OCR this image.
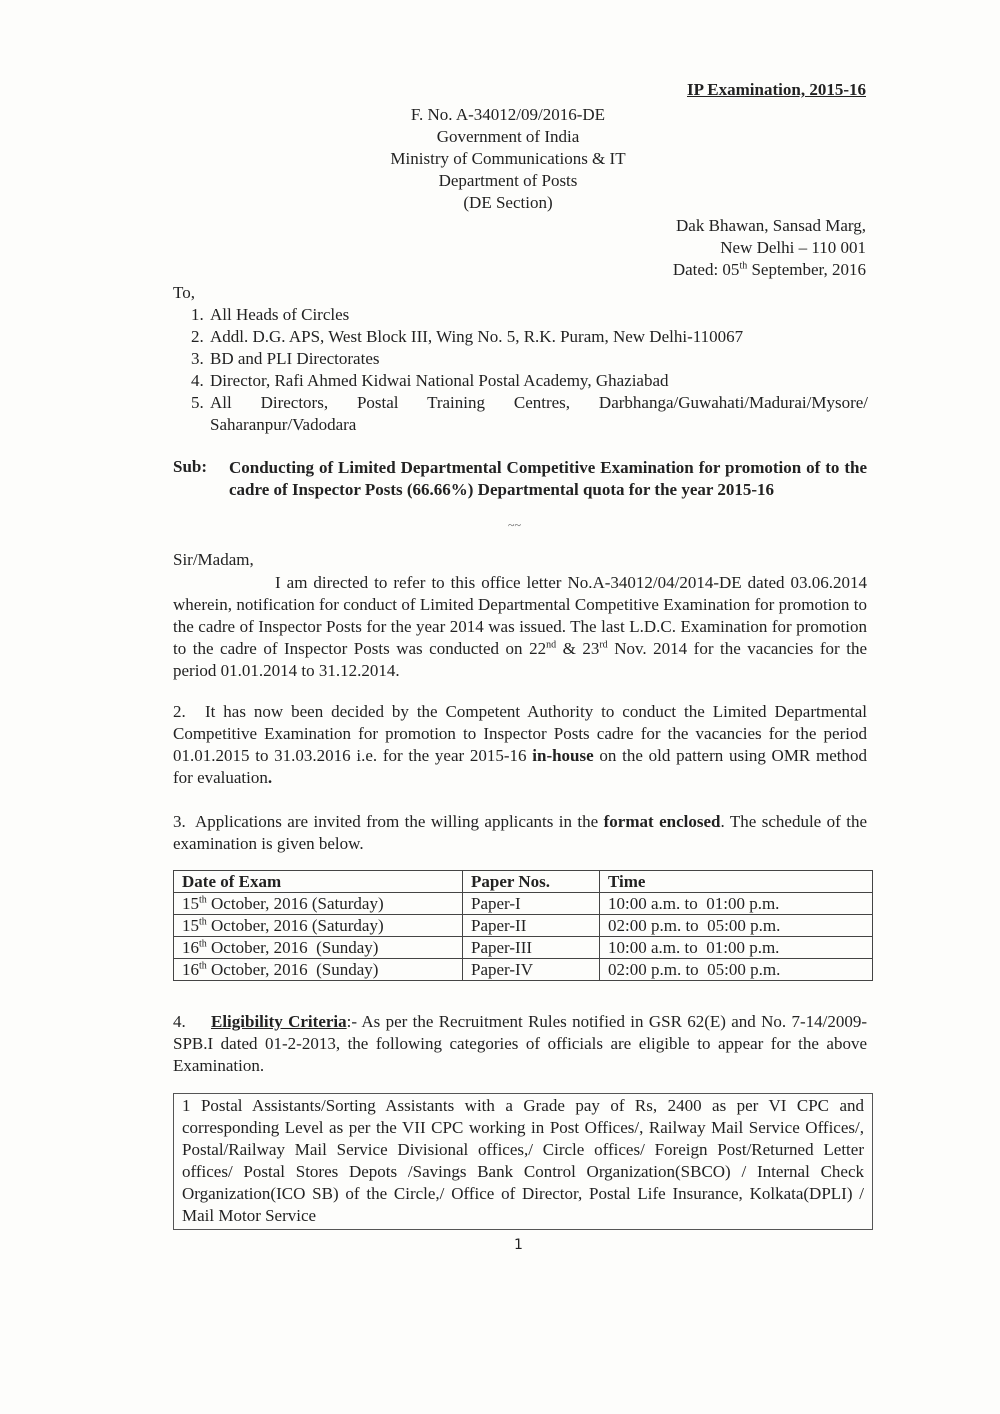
IP Examination, 2015-16
F. No. A-34012/09/2016-DE
Government of India
Ministry of Communications & IT
Department of Posts
(DE Section)
Dak Bhawan, Sansad Marg,
New Delhi – 110 001
Dated: 05th September, 2016
To,
1. All Heads of Circles
2. Addl. D.G. APS, West Block III, Wing No. 5, R.K. Puram, New Delhi-110067
3. BD and PLI Directorates
4. Director, Rafi Ahmed Kidwai National Postal Academy, Ghaziabad
5. All Directors, Postal Training Centres, Darbhanga/Guwahati/Madurai/Mysore/ Saharanpur/Vadodara
Sub: Conducting of Limited Departmental Competitive Examination for promotion of to the cadre of Inspector Posts (66.66%) Departmental quota for the year 2015-16
~~
Sir/Madam,
I am directed to refer to this office letter No.A-34012/04/2014-DE dated 03.06.2014 wherein, notification for conduct of Limited Departmental Competitive Examination for promotion to the cadre of Inspector Posts for the year 2014 was issued. The last L.D.C. Examination for promotion to the cadre of Inspector Posts was conducted on 22nd & 23rd Nov. 2014 for the vacancies for the period 01.01.2014 to 31.12.2014.
2. It has now been decided by the Competent Authority to conduct the Limited Departmental Competitive Examination for promotion to Inspector Posts cadre for the vacancies for the period 01.01.2015 to 31.03.2016 i.e. for the year 2015-16 in-house on the old pattern using OMR method for evaluation.
3. Applications are invited from the willing applicants in the format enclosed. The schedule of the examination is given below.
Date of Exam	Paper Nos.	Time
15th October, 2016 (Saturday)	Paper-I	10:00 a.m. to  01:00 p.m.
15th October, 2016 (Saturday)	Paper-II	02:00 p.m. to  05:00 p.m.
16th October, 2016  (Sunday)	Paper-III	10:00 a.m. to  01:00 p.m.
16th October, 2016  (Sunday)	Paper-IV	02:00 p.m. to  05:00 p.m.
4. Eligibility Criteria:- As per the Recruitment Rules notified in GSR 62(E) and No. 7-14/2009-SPB.I dated 01-2-2013, the following categories of officials are eligible to appear for the above Examination.
1 Postal Assistants/Sorting Assistants with a Grade pay of Rs, 2400 as per VI CPC and corresponding Level as per the VII CPC working in Post Offices/, Railway Mail Service Offices/, Postal/Railway Mail Service Divisional offices,/ Circle offices/ Foreign Post/Returned Letter offices/ Postal Stores Depots /Savings Bank Control Organization(SBCO) / Internal Check Organization(ICO SB) of the Circle,/ Office of Director, Postal Life Insurance, Kolkata(DPLI) / Mail Motor Service
1
